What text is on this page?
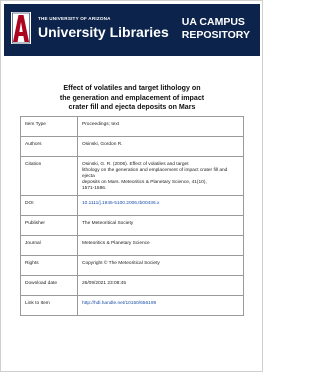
THE UNIVERSITY OF ARIZONA
University Libraries
UA CAMPUS
REPOSITORY
Effect of volatiles and target lithology on
the generation and emplacement of impact
crater fill and ejecta deposits on Mars
Item Type	Proceedings; text

Authors	Osinski, Gordon R.

Citation	Osinski, G. R. (2006). Effect of volatiles and target
lithology on the generation and emplacement of impact crater fill and ejecta
deposits on Mars. Meteoritics & Planetary Science, 41(10),
1571-1586.

DOI	10.1111/j.1945-5100.2006.tb00436.x

Publisher	The Meteoritical Society

Journal	Meteoritics & Planetary Science

Rights	Copyright © The Meteoritical Society

Download date	26/09/2021 23:08:45

Link to Item	http://hdl.handle.net/10150/656199
